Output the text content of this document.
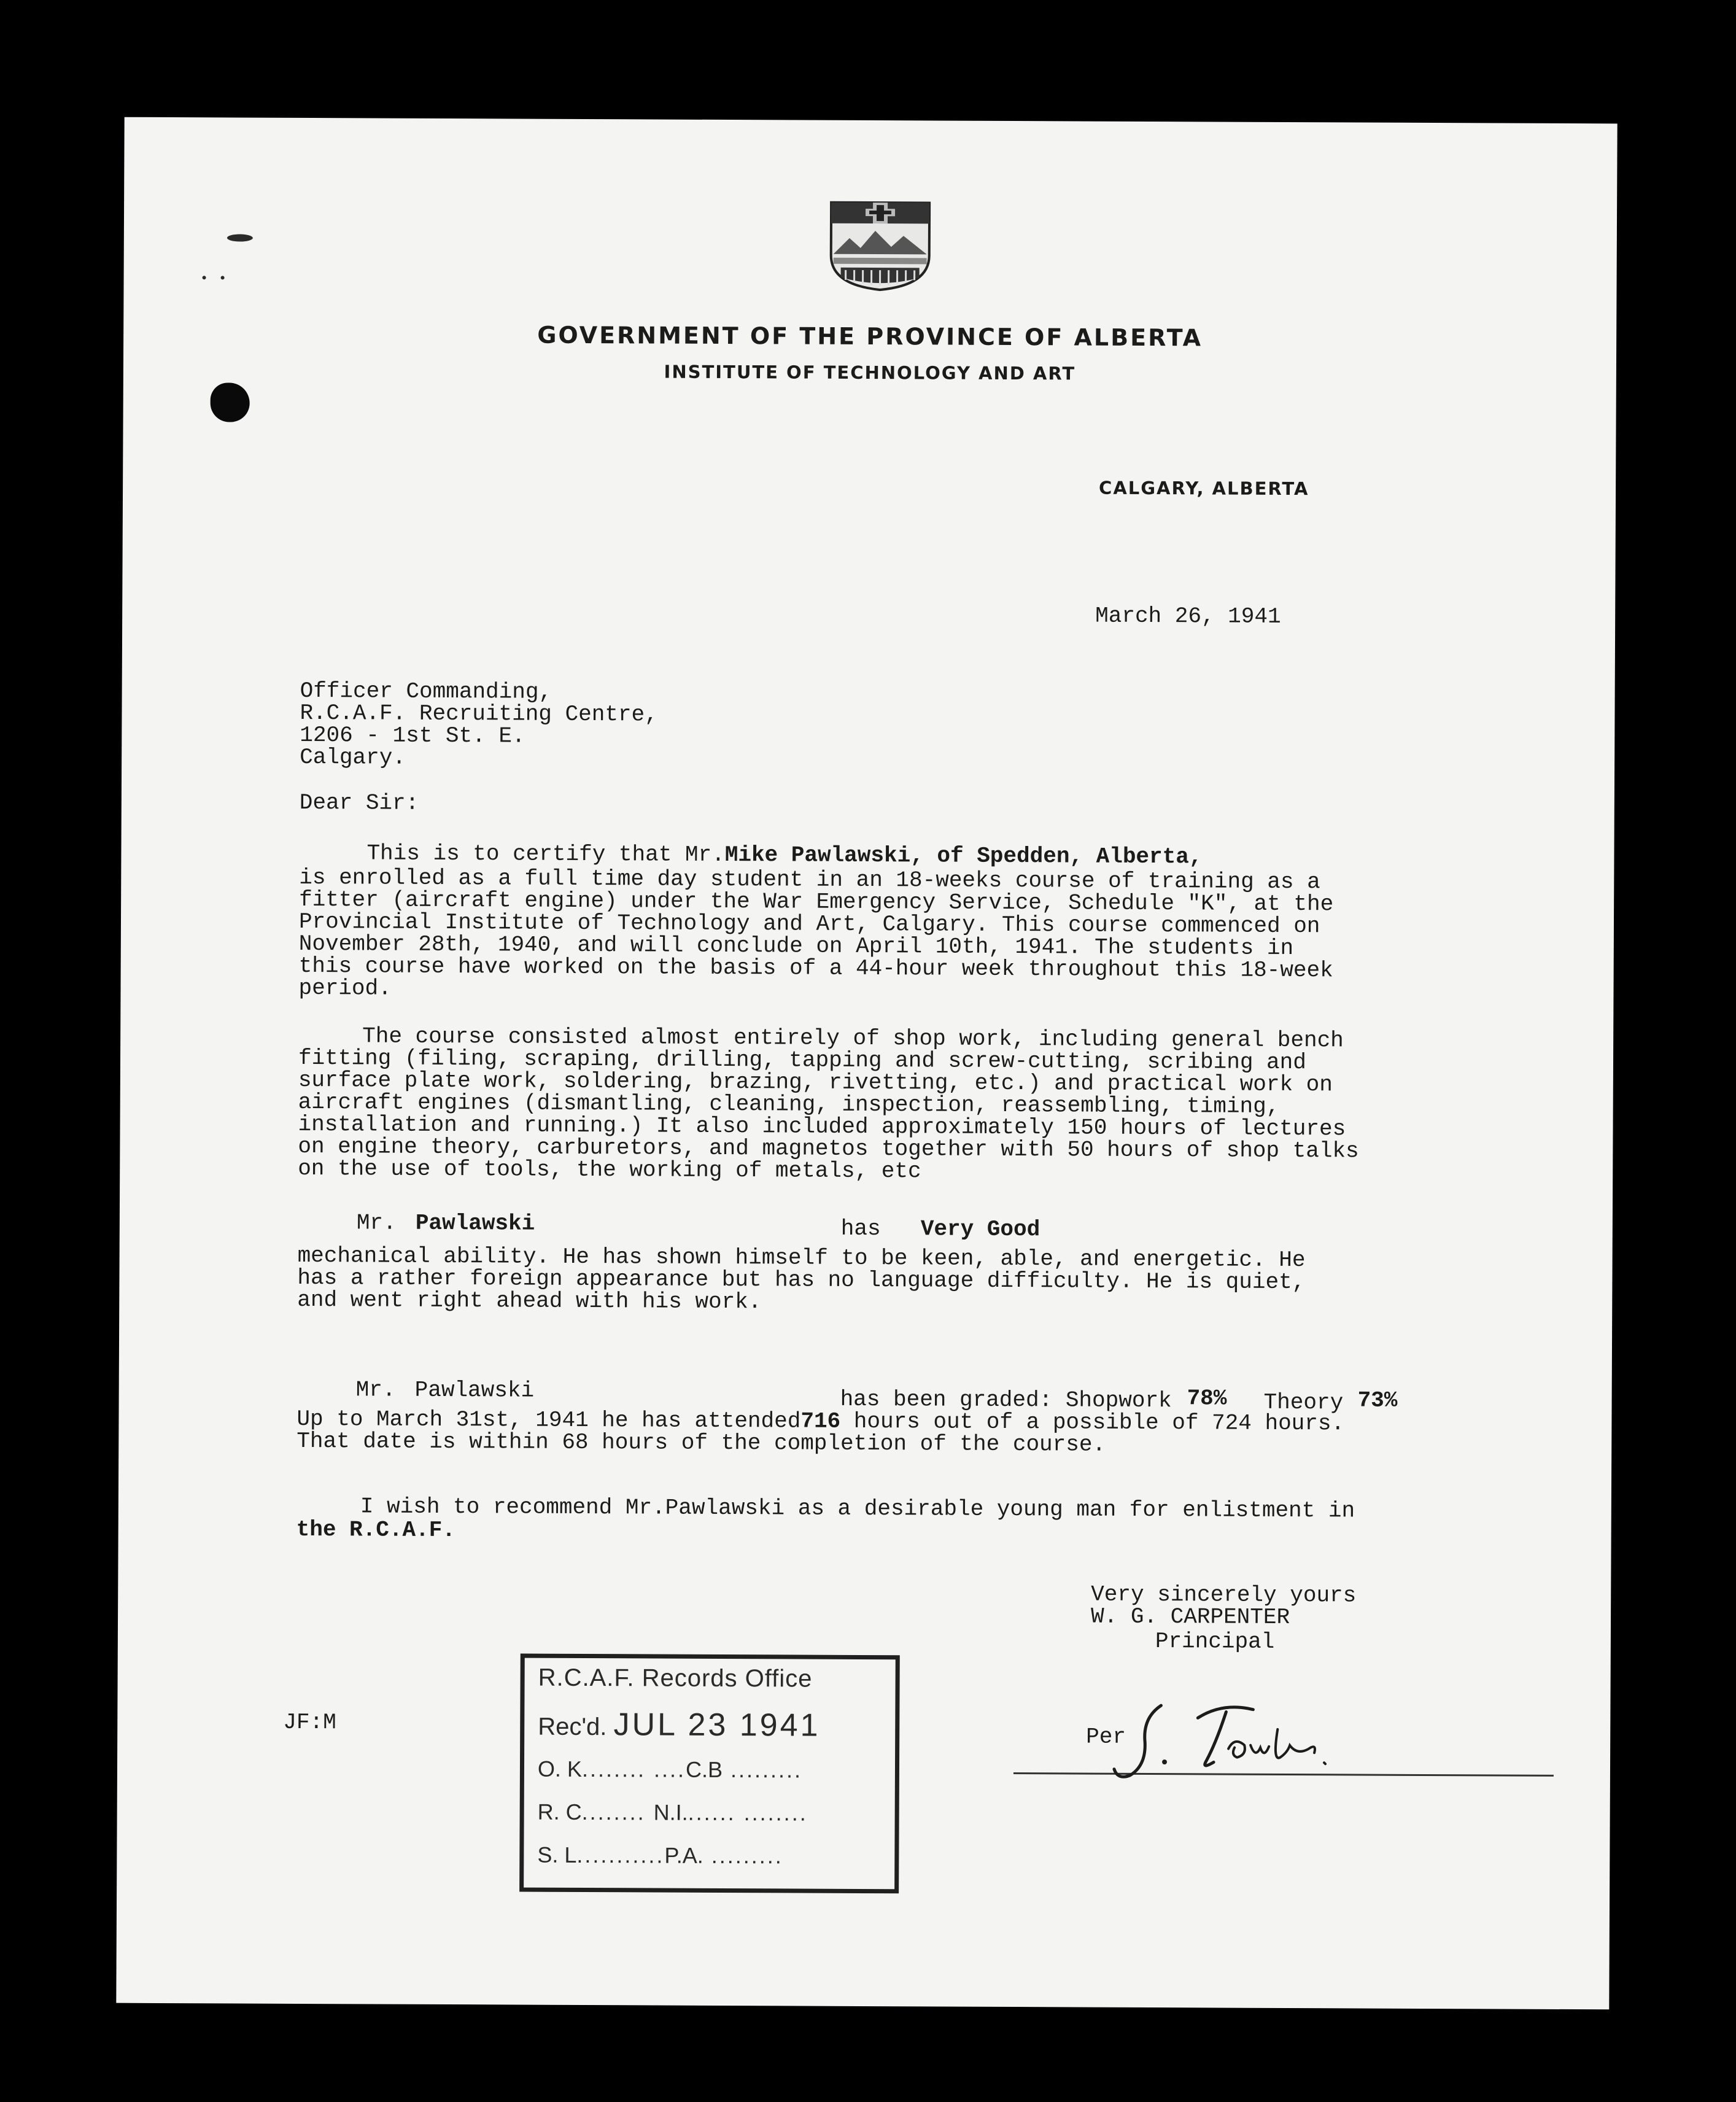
GOVERNMENT OF THE PROVINCE OF ALBERTA
INSTITUTE OF TECHNOLOGY AND ART
CALGARY, ALBERTA
March 26, 1941
Officer Commanding,
R.C.A.F. Recruiting Centre,
1206 - 1st St. E.
Calgary.
Dear Sir:
This is to certify that Mr.Mike Pawlawski, of Spedden, Alberta,
is enrolled as a full time day student in an 18-weeks course of training as a
fitter (aircraft engine) under the War Emergency Service, Schedule "K", at the
Provincial Institute of Technology and Art, Calgary. This course commenced on
November 28th, 1940, and will conclude on April 10th, 1941. The students in
this course have worked on the basis of a 44-hour week throughout this 18-week
period.
The course consisted almost entirely of shop work, including general bench
fitting (filing, scraping, drilling, tapping and screw-cutting, scribing and
surface plate work, soldering, brazing, rivetting, etc.) and practical work on
aircraft engines (dismantling, cleaning, inspection, reassembling, timing,
installation and running.) It also included approximately 150 hours of lectures
on engine theory, carburetors, and magnetos together with 50 hours of shop talks
on the use of tools, the working of metals, etc
Mr. Pawlawski	has Very Good
mechanical ability. He has shown himself to be keen, able, and energetic. He
has a rather foreign appearance but has no language difficulty. He is quiet,
and went right ahead with his work.
Mr. Pawlawski	has been graded: Shopwork 78% Theory 73%
Up to March 31st, 1941 he has attended716 hours out of a possible of 724 hours.
That date is within 68 hours of the completion of the course.
I wish to recommend Mr.Pawlawski as a desirable young man for enlistment in
the R.C.A.F.
Very sincerely yours
W. G. CARPENTER
Principal
JF:M
Per
R.C.A.F. Records Office
Rec'd. JUL 23 1941
O. K........ ....C.B .........
R. C........ N.I....... ........
S. L...........P.A. .........
